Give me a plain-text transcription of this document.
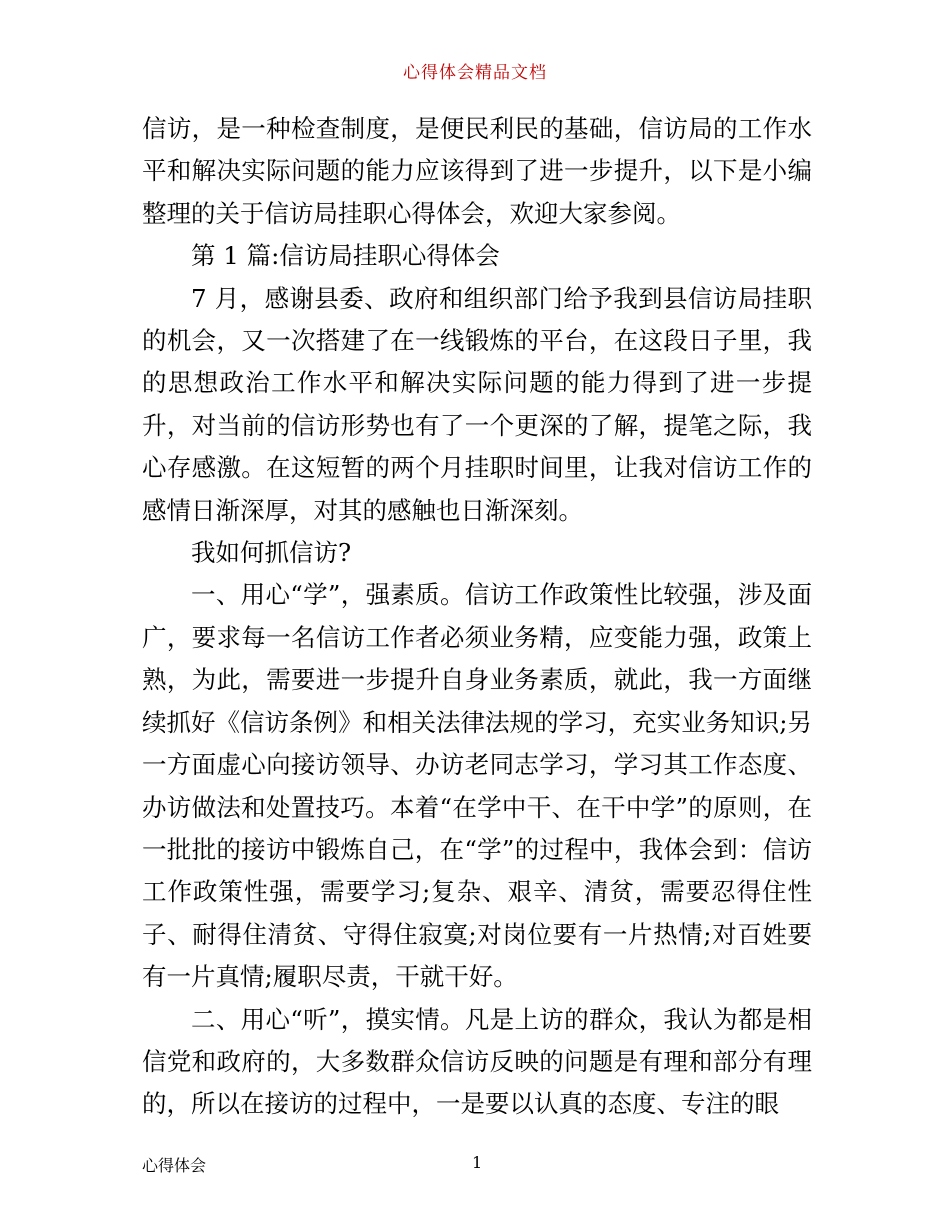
心得体会精品文档

信访，是一种检查制度，是便民利民的基础，信访局的工作水平和解决实际问题的能力应该得到了进一步提升，以下是小编整理的关于信访局挂职心得体会，欢迎大家参阅。

第 1 篇:信访局挂职心得体会

7 月，感谢县委、政府和组织部门给予我到县信访局挂职的机会，又一次搭建了在一线锻炼的平台，在这段日子里，我的思想政治工作水平和解决实际问题的能力得到了进一步提升，对当前的信访形势也有了一个更深的了解，提笔之际，我心存感激。在这短暂的两个月挂职时间里，让我对信访工作的感情日渐深厚，对其的感触也日渐深刻。

我如何抓信访?

一、用心“学”，强素质。信访工作政策性比较强，涉及面广，要求每一名信访工作者必须业务精，应变能力强，政策上熟，为此，需要进一步提升自身业务素质，就此，我一方面继续抓好《信访条例》和相关法律法规的学习，充实业务知识;另一方面虚心向接访领导、办访老同志学习，学习其工作态度、办访做法和处置技巧。本着“在学中干、在干中学”的原则，在一批批的接访中锻炼自己，在“学”的过程中，我体会到：信访工作政策性强，需要学习;复杂、艰辛、清贫，需要忍得住性子、耐得住清贫、守得住寂寞;对岗位要有一片热情;对百姓要有一片真情;履职尽责，干就干好。

二、用心“听”，摸实情。凡是上访的群众，我认为都是相信党和政府的，大多数群众信访反映的问题是有理和部分有理的，所以在接访的过程中，一是要以认真的态度、专注的眼

心得体会	1
